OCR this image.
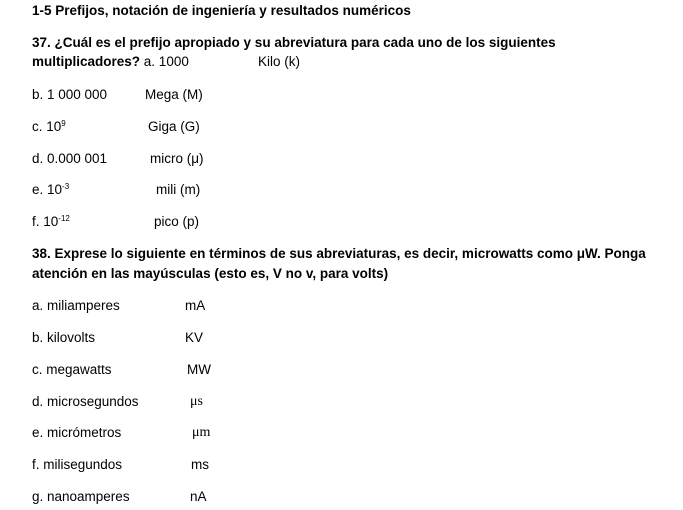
1-5 Prefijos, notación de ingeniería y resultados numéricos
37. ¿Cuál es el prefijo apropiado y su abreviatura para cada uno de los siguientes
multiplicadores? a. 1000	Kilo (k)
b. 1 000 000	Mega (M)
c. $10^9$	Giga (G)
d. 0.000 001	micro (μ)
e. $10^{-3}$	mili (m)
f. $10^{-12}$	pico (p)
38. Exprese lo siguiente en términos de sus abreviaturas, es decir, microwatts como μW. Ponga
atención en las mayúsculas (esto es, V no v, para volts)
a. miliamperes	mA
b. kilovolts	KV
c. megawatts	MW
d. microsegundos	μs
e. micrómetros	μm
f. milisegundos	ms
g. nanoamperes	nA
